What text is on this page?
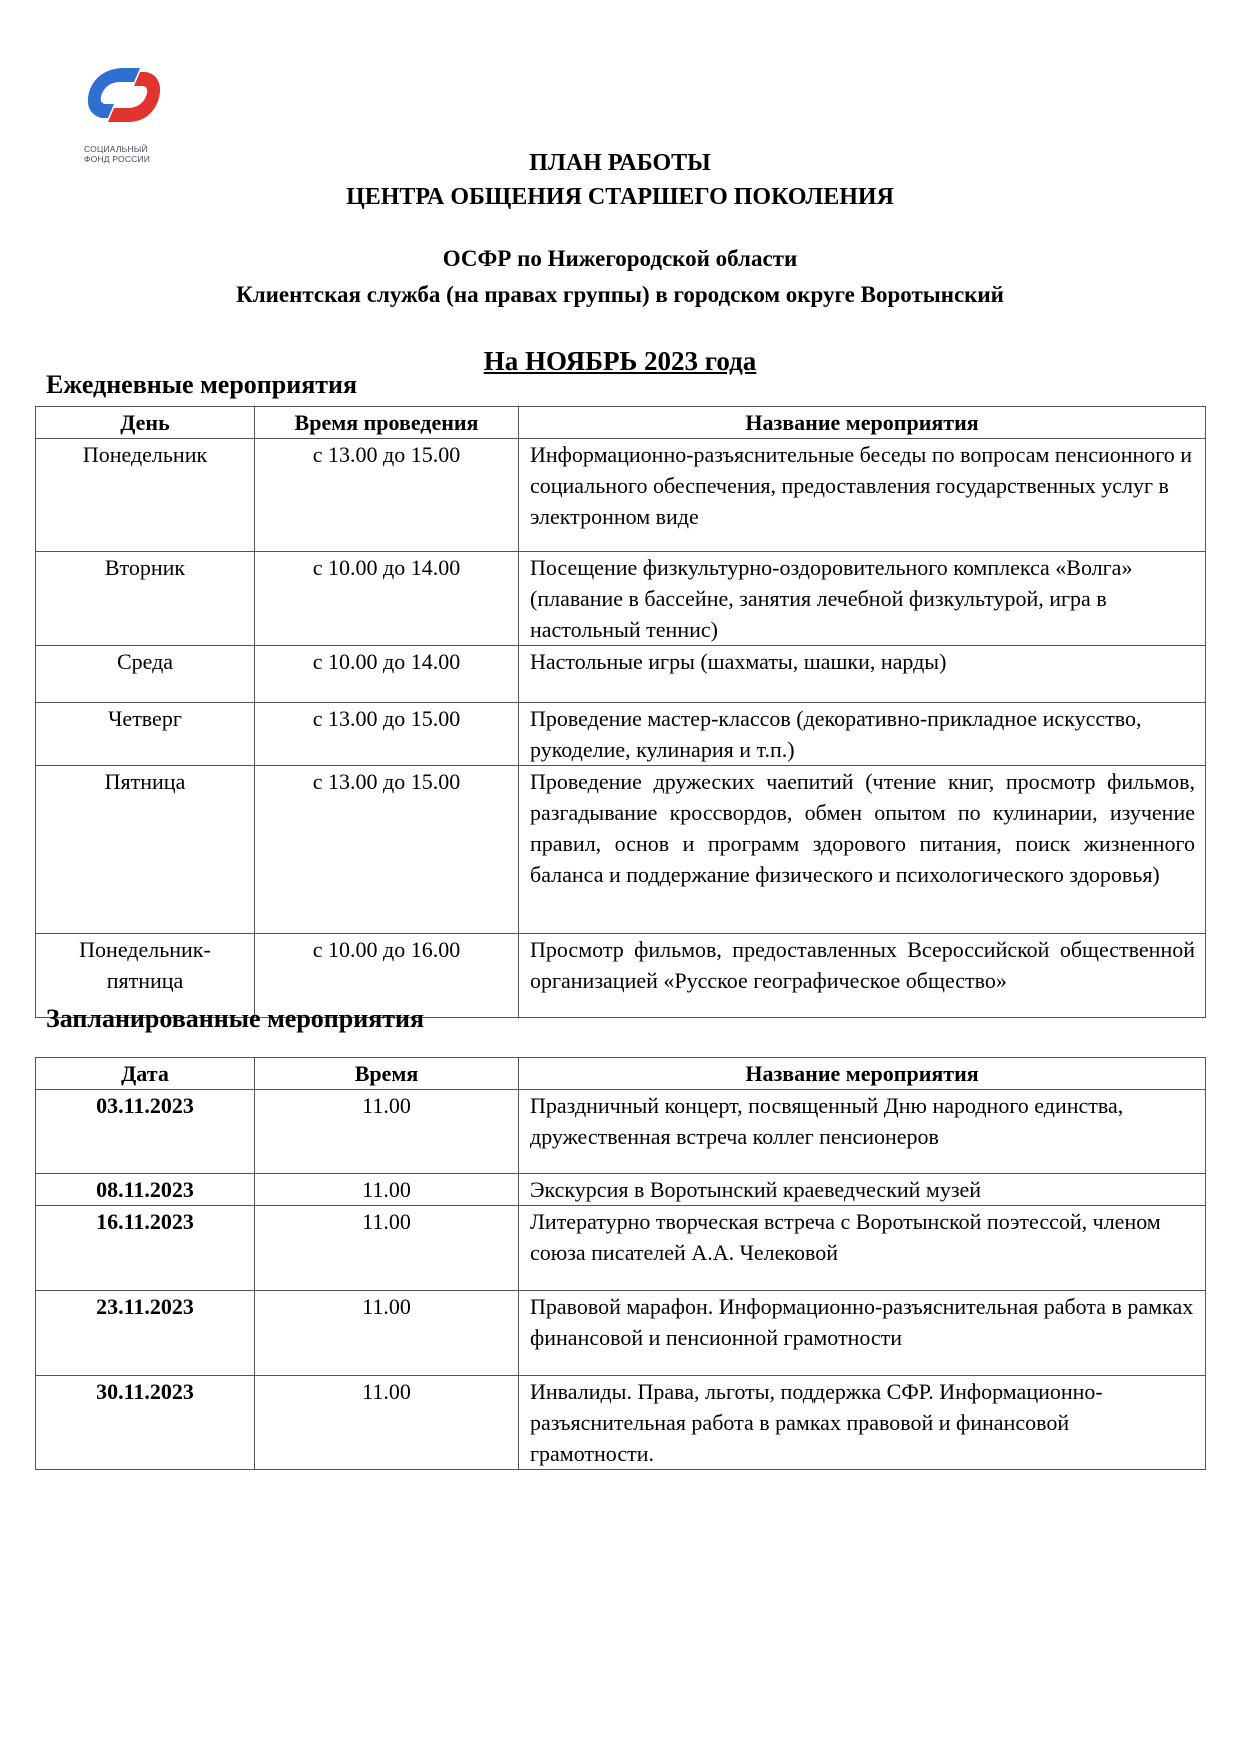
СОЦИАЛЬНЫЙ
ФОНД РОССИИ	ПЛАН РАБОТЫ
ЦЕНТРА ОБЩЕНИЯ СТАРШЕГО ПОКОЛЕНИЯ
ОСФР по Нижегородской области
Клиентская служба (на правах группы) в городском округе Воротынский
На НОЯБРЬ 2023 года
Ежедневные мероприятия
День	Время проведения	Название мероприятия
Понедельник	с 13.00 до 15.00	Информационно-разъяснительные беседы по вопросам пенсионного и социального обеспечения, предоставления государственных услуг в электронном виде
Вторник	с 10.00 до 14.00	Посещение физкультурно-оздоровительного комплекса «Волга» (плавание в бассейне, занятия лечебной физкультурой, игра в настольный теннис)
Среда	с 10.00 до 14.00	Настольные игры (шахматы, шашки, нарды)
Четверг	с 13.00 до 15.00	Проведение мастер-классов (декоративно-прикладное искусство, рукоделие, кулинария и т.п.)
Пятница	с 13.00 до 15.00	Проведение дружеских чаепитий (чтение книг, просмотр фильмов, разгадывание кроссвордов, обмен опытом по кулинарии, изучение правил, основ и программ здорового питания, поиск жизненного баланса и поддержание физического и психологического здоровья)
Понедельник-пятница	с 10.00 до 16.00	Просмотр фильмов, предоставленных Всероссийской общественной организацией «Русское географическое общество»
Запланированные мероприятия
Дата	Время	Название мероприятия
03.11.2023	11.00	Праздничный концерт, посвященный Дню народного единства, дружественная встреча коллег пенсионеров
08.11.2023	11.00	Экскурсия в Воротынский краеведческий музей
16.11.2023	11.00	Литературно творческая встреча с Воротынской поэтессой, членом союза писателей А.А. Челековой
23.11.2023	11.00	Правовой марафон. Информационно-разъяснительная работа в рамках финансовой и пенсионной грамотности
30.11.2023	11.00	Инвалиды. Права, льготы, поддержка СФР. Информационно-разъяснительная работа в рамках правовой и финансовой грамотности.
